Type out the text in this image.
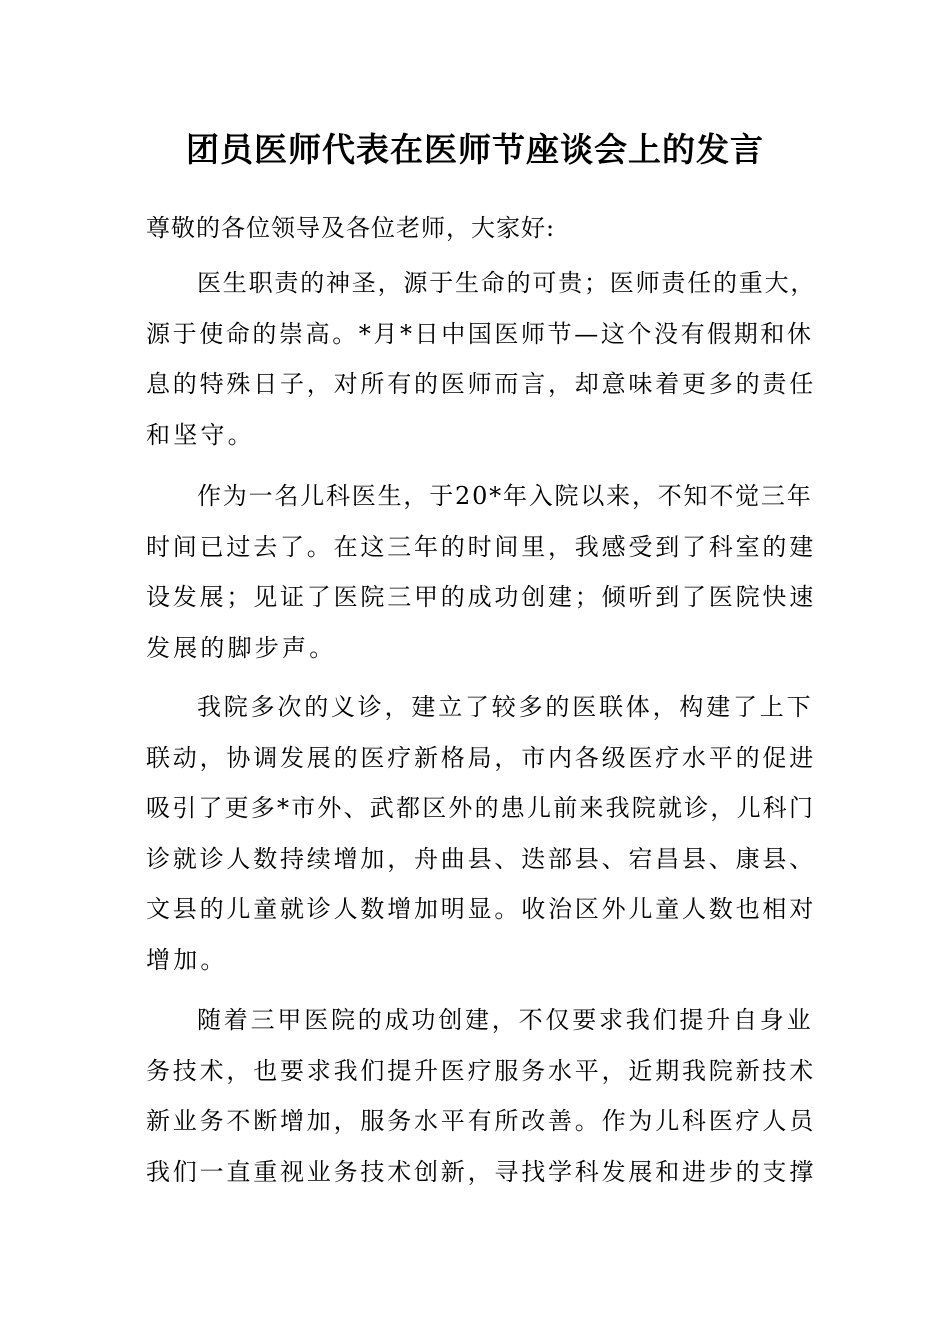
团员医师代表在医师节座谈会上的发言
尊敬的各位领导及各位老师，大家好:
医生职责的神圣，源于生命的可贵；医师责任的重大，
源于使命的崇高。*月*日中国医师节—这个没有假期和休
息的特殊日子，对所有的医师而言，却意味着更多的责任
和坚守。
作为一名儿科医生，于20*年入院以来，不知不觉三年
时间已过去了。在这三年的时间里，我感受到了科室的建
设发展；见证了医院三甲的成功创建；倾听到了医院快速
发展的脚步声。
我院多次的义诊，建立了较多的医联体，构建了上下
联动，协调发展的医疗新格局，市内各级医疗水平的促进
吸引了更多*市外、武都区外的患儿前来我院就诊，儿科门
诊就诊人数持续增加，舟曲县、迭部县、宕昌县、康县、
文县的儿童就诊人数增加明显。收治区外儿童人数也相对
增加。
随着三甲医院的成功创建，不仅要求我们提升自身业
务技术，也要求我们提升医疗服务水平，近期我院新技术
新业务不断增加，服务水平有所改善。作为儿科医疗人员
我们一直重视业务技术创新，寻找学科发展和进步的支撑
